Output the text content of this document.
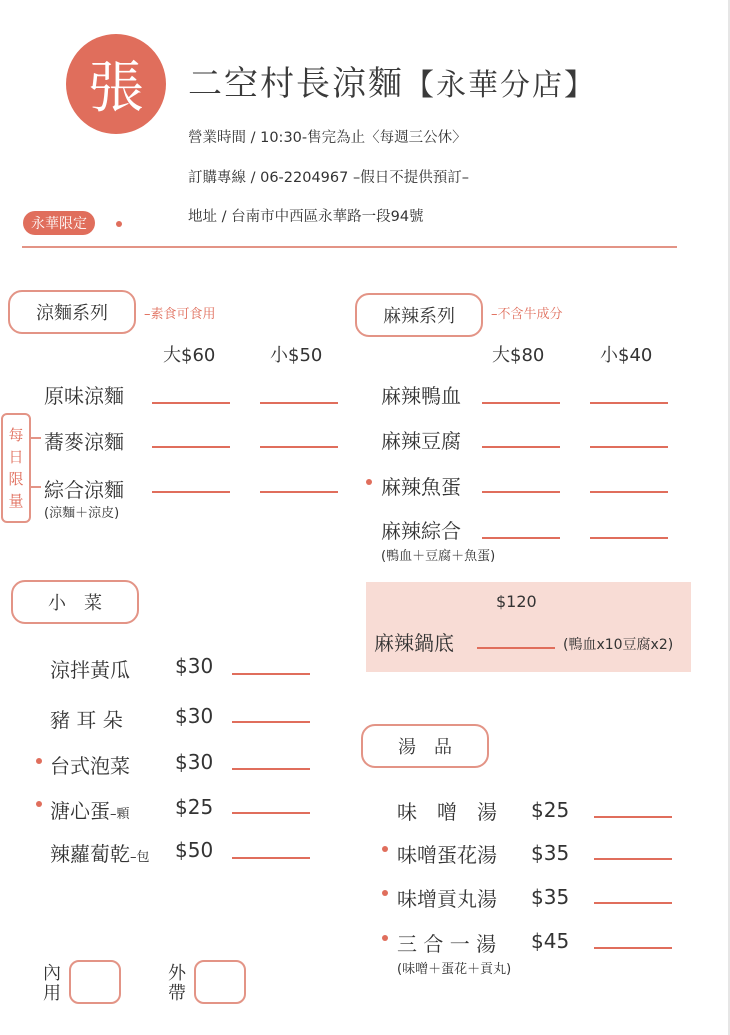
張 二空村長涼麵【永華分店】
營業時間 / 10:30-售完為止〈每週三公休〉
訂購專線 / 06-2204967 –假日不提供預訂–
永華限定	地址 / 台南市中西區永華路一段94號
涼麵系列	–素食可食用
大$60	小$50
每
日
限
量
原味涼麵
蕎麥涼麵
綜合涼麵
(涼麵＋涼皮)
麻辣系列	–不含牛成分
大$80	小$40
麻辣鴨血
麻辣豆腐
麻辣魚蛋
麻辣綜合
(鴨血＋豆腐＋魚蛋)
$120
麻辣鍋底	(鴨血x10豆腐x2)
小　菜
涼拌黃瓜 $30
豬 耳 朵	$30
台式泡菜 $30
溏心蛋–顆 $25
辣蘿蔔乾–包 $50
湯　品
味　噌　湯 $25
味噌蛋花湯 $35
味增貢丸湯 $35
三 合 一 湯 $45
(味噌＋蛋花＋貢丸)
內
用
外
帶
